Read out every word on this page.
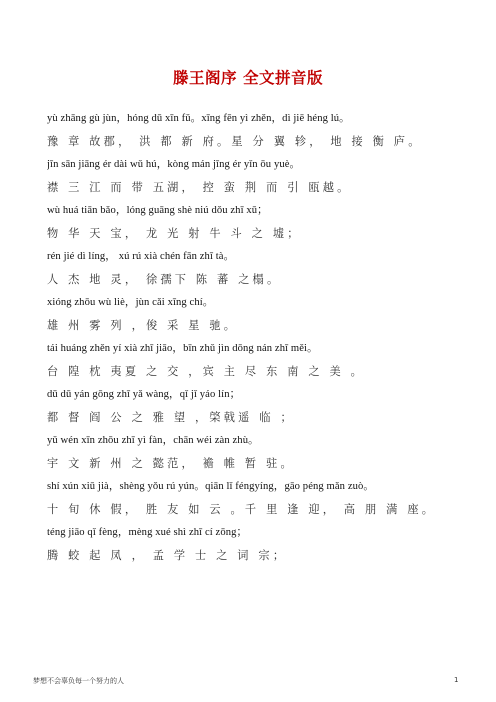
滕王阁序 全文拼音版
yù zhāng gù jùn，hóng dū xīn fǔ。xīng fēn yì zhěn，dì jiē héng lú。
豫 章 故郡， 洪 都 新 府。星 分 翼 轸， 地 接 衡 庐。
jīn sān jiāng ér dài wǔ hú，kòng mán jīng ér yǐn ōu yuè。
襟 三 江 而 带 五湖， 控 蛮 荆 而 引 瓯越。
wù huá tiān bǎo，lóng guāng shè niú dǒu zhī xū；
物 华 天 宝， 龙 光 射 牛 斗 之 墟；
rén jié dì líng， xú rú xià chén fān zhī tà。
人 杰 地 灵， 徐孺下 陈 蕃 之榻。
xióng zhōu wù liè，jùn cǎi xīng chí。
雄 州 雾 列 ，俊 采 星 驰。
tái huáng zhěn yí xià zhī jiāo，bīn zhǔ jìn dōng nán zhī měi。
台 隍 枕 夷夏 之 交 ，宾 主 尽 东 南 之 美 。
dū dū yán gōng zhī yǎ wàng，qǐ jǐ yáo lín；
都 督 阎 公 之 雅 望 ，棨戟遥 临 ；
yǔ wén xīn zhōu zhī yì fàn，chān wéi zàn zhù。
宇 文 新 州 之 懿范， 襜 帷 暂 驻。
shí xún xiū jià，shèng yǒu rú yún。qiān lǐ féngyíng，gāo péng mǎn zuò。
十 旬 休 假， 胜 友 如 云 。千 里 逢 迎， 高 朋 满 座。
téng jiāo qǐ fèng，mèng xué shì zhī cí zōng；
腾 蛟 起 凤 ， 孟 学 士 之 词 宗；
梦想不会辜负每一个努力的人	1
